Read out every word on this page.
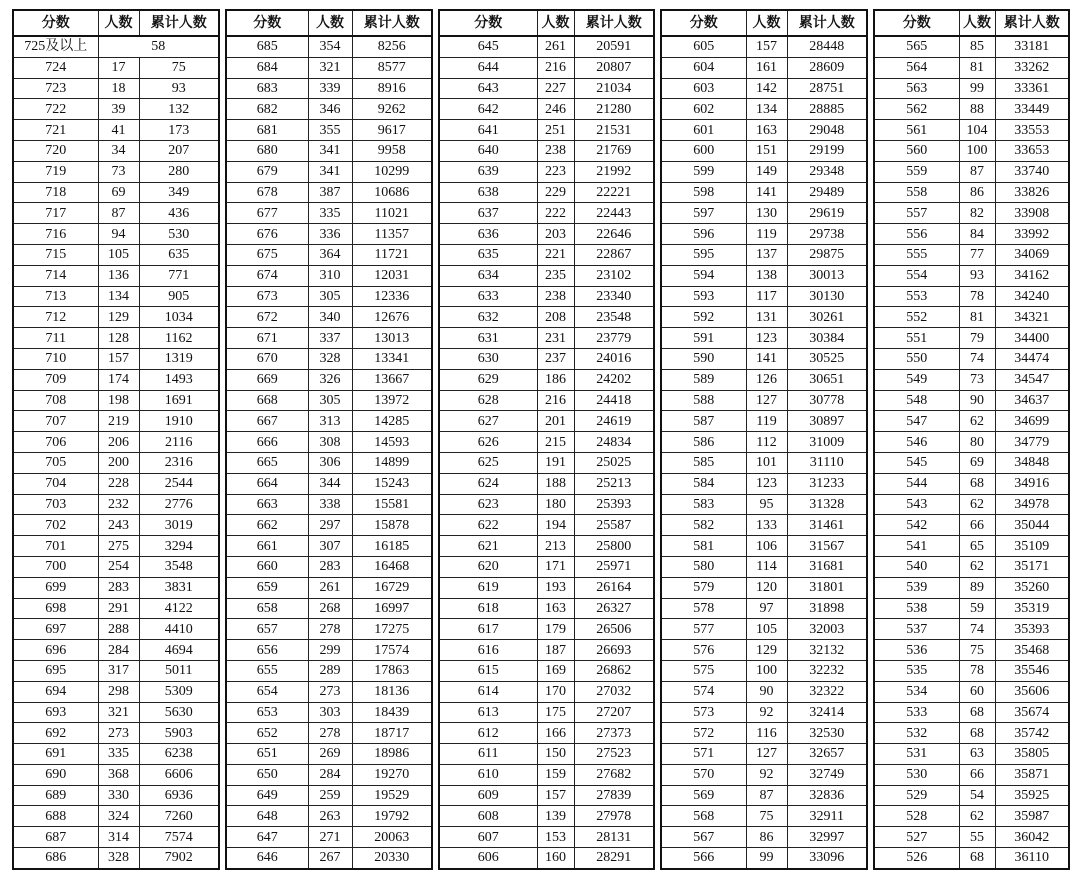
分数	人数	累计人数
725及以上	58	
724	17	75
723	18	93
722	39	132
721	41	173
720	34	207
719	73	280
718	69	349
717	87	436
716	94	530
715	105	635
714	136	771
713	134	905
712	129	1034
711	128	1162
710	157	1319
709	174	1493
708	198	1691
707	219	1910
706	206	2116
705	200	2316
704	228	2544
703	232	2776
702	243	3019
701	275	3294
700	254	3548
699	283	3831
698	291	4122
697	288	4410
696	284	4694
695	317	5011
694	298	5309
693	321	5630
692	273	5903
691	335	6238
690	368	6606
689	330	6936
688	324	7260
687	314	7574
686	328	7902
分数	人数	累计人数
685	354	8256
684	321	8577
683	339	8916
682	346	9262
681	355	9617
680	341	9958
679	341	10299
678	387	10686
677	335	11021
676	336	11357
675	364	11721
674	310	12031
673	305	12336
672	340	12676
671	337	13013
670	328	13341
669	326	13667
668	305	13972
667	313	14285
666	308	14593
665	306	14899
664	344	15243
663	338	15581
662	297	15878
661	307	16185
660	283	16468
659	261	16729
658	268	16997
657	278	17275
656	299	17574
655	289	17863
654	273	18136
653	303	18439
652	278	18717
651	269	18986
650	284	19270
649	259	19529
648	263	19792
647	271	20063
646	267	20330
分数	人数	累计人数
645	261	20591
644	216	20807
643	227	21034
642	246	21280
641	251	21531
640	238	21769
639	223	21992
638	229	22221
637	222	22443
636	203	22646
635	221	22867
634	235	23102
633	238	23340
632	208	23548
631	231	23779
630	237	24016
629	186	24202
628	216	24418
627	201	24619
626	215	24834
625	191	25025
624	188	25213
623	180	25393
622	194	25587
621	213	25800
620	171	25971
619	193	26164
618	163	26327
617	179	26506
616	187	26693
615	169	26862
614	170	27032
613	175	27207
612	166	27373
611	150	27523
610	159	27682
609	157	27839
608	139	27978
607	153	28131
606	160	28291
分数	人数	累计人数
605	157	28448
604	161	28609
603	142	28751
602	134	28885
601	163	29048
600	151	29199
599	149	29348
598	141	29489
597	130	29619
596	119	29738
595	137	29875
594	138	30013
593	117	30130
592	131	30261
591	123	30384
590	141	30525
589	126	30651
588	127	30778
587	119	30897
586	112	31009
585	101	31110
584	123	31233
583	95	31328
582	133	31461
581	106	31567
580	114	31681
579	120	31801
578	97	31898
577	105	32003
576	129	32132
575	100	32232
574	90	32322
573	92	32414
572	116	32530
571	127	32657
570	92	32749
569	87	32836
568	75	32911
567	86	32997
566	99	33096
分数	人数	累计人数
565	85	33181
564	81	33262
563	99	33361
562	88	33449
561	104	33553
560	100	33653
559	87	33740
558	86	33826
557	82	33908
556	84	33992
555	77	34069
554	93	34162
553	78	34240
552	81	34321
551	79	34400
550	74	34474
549	73	34547
548	90	34637
547	62	34699
546	80	34779
545	69	34848
544	68	34916
543	62	34978
542	66	35044
541	65	35109
540	62	35171
539	89	35260
538	59	35319
537	74	35393
536	75	35468
535	78	35546
534	60	35606
533	68	35674
532	68	35742
531	63	35805
530	66	35871
529	54	35925
528	62	35987
527	55	36042
526	68	36110
